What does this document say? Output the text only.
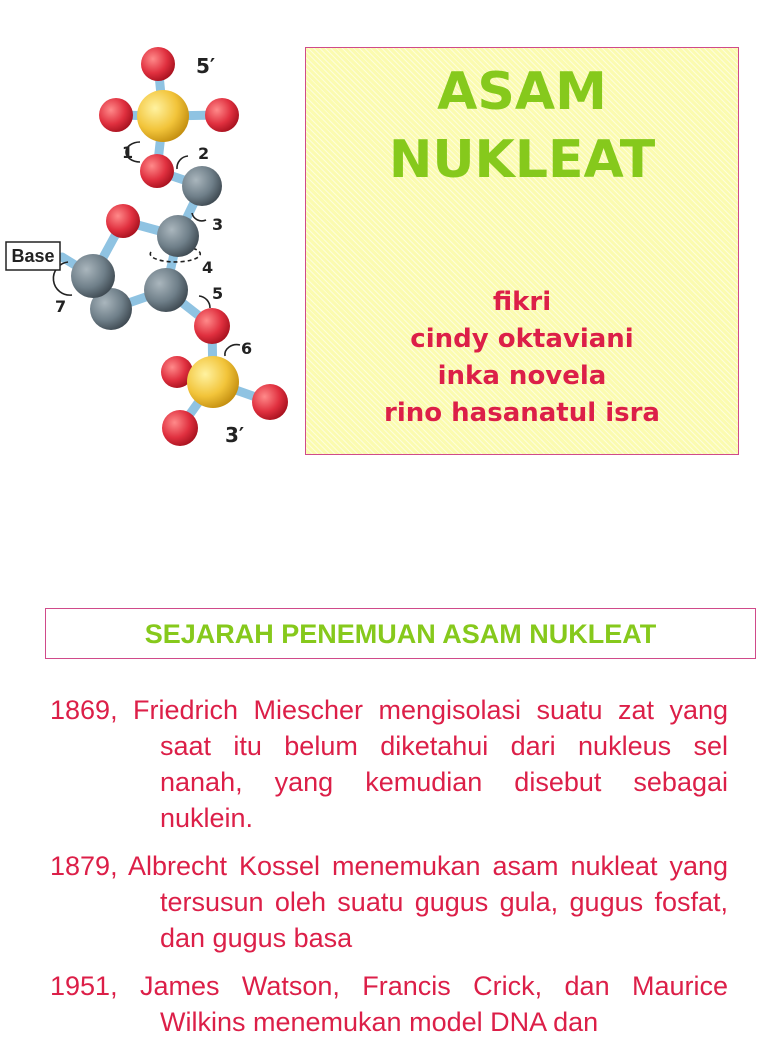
Base
5′
3′
1	2
3
4
5
6
7
ASAM
NUKLEAT
fikri
cindy oktaviani
inka novela
rino hasanatul isra
SEJARAH PENEMUAN ASAM NUKLEAT
1869, Friedrich Miescher mengisolasi suatu zat yang saat itu belum diketahui dari nukleus sel nanah, yang kemudian disebut sebagai nuklein.
1879, Albrecht Kossel menemukan asam nukleat yang tersusun oleh suatu gugus gula, gugus fosfat, dan gugus basa
1951, James Watson, Francis Crick, dan Maurice Wilkins menemukan model DNA dan
